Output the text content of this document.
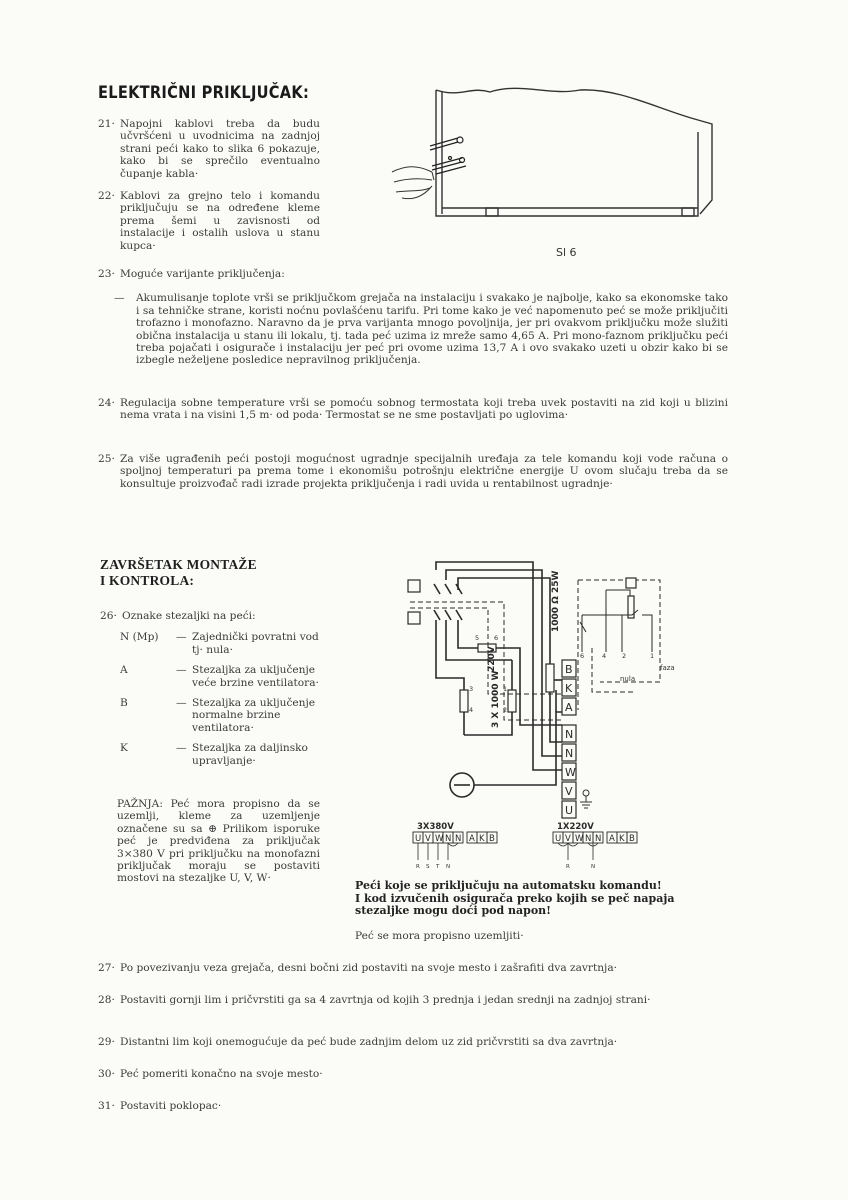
ELEKTRIČNI PRIKLJUČAK:
21· Napojni kablovi treba da budu učvršćeni u uvodnicima na zadnjoj strani peći kako to slika 6 pokazuje, kako bi se sprečilo eventualno čupanje kabla·
22· Kablovi za grejno telo i komandu priključuju se na određene kleme prema šemi u zavisnosti od instalacije i ostalih uslova u stanu kupca·
Sl 6
23· Moguće varijante priključenja:
—	Akumulisanje toplote vrši se priključkom grejača na instalaciju i svakako je najbolje, kako sa ekonomske tako i sa tehničke strane, koristi noćnu povlašćenu tarifu. Pri tome kako je već napomenuto peć se može priključiti trofazno i monofazno. Naravno da je prva varijanta mnogo povoljnija, jer pri ovakvom priključku može služiti obična instalacija u stanu ili lokalu, tj. tada peć uzima iz mreže samo 4,65 A. Pri mono-faznom priključku peći treba pojačati i osigurače i instalaciju jer peć pri ovome uzima 13,7 A i ovo svakako uzeti u obzir kako bi se izbegle neželjene posledice nepravilnog priključenja.
24· Regulacija sobne temperature vrši se pomoću sobnog termostata koji treba uvek postaviti na zid koji u blizini nema vrata i na visini 1,5 m· od poda· Termostat se ne sme postavljati po uglovima·
25· Za više ugrađenih peći postoji mogućnost ugradnje specijalnih uređaja za tele komandu koji vode računa o spoljnoj temperaturi pa prema tome i ekonomišu potrošnju električne energije U ovom slučaju treba da se konsultuje proizvođač radi izrade projekta priključenja i radi uvida u rentabilnost ugradnje·
ZAVRŠETAK MONTAŽE
I KONTROLA:
26· Oznake stezaljki na peći:
N (Mp)	— Zajednički povratni vod tj· nula·
A	— Stezaljka za uključenje veće brzine ventilatora·
B	— Stezaljka za uključenje normalne brzine ventilatora·
K	— Stezaljka za daljinsko upravljanje·
PAŽNJA: Peć mora propisno da se uzemlji, kleme za uzemljenje označene su sa ⊕ Prilikom isporuke peć je predviđena za priključak 3×380 V pri priključku na monofazni priključak moraju se postaviti mostovi na stezaljke U, V, W·
6	4 2	1
faza
nula
5 6
3
4
1
2
1000 Ω 25W
3 X 1000 W
220V	B
K
A
N
N
W
V
U
3X380V
U V W N N A K B
R S T N
1X220V
U V W N N A K B
R	N
Peći koje se priključuju na automatsku komandu!
I kod izvučenih osigurača preko kojih se peč napaja
stezaljke mogu doći pod napon!
Peć se mora propisno uzemljiti·
27· Po povezivanju veza grejača, desni bočni zid postaviti na svoje mesto i zašrafiti dva zavrtnja·
28· Postaviti gornji lim i pričvrstiti ga sa 4 zavrtnja od kojih 3 prednja i jedan srednji na zadnjoj strani·
29· Distantni lim koji onemogućuje da peć bude zadnjim delom uz zid pričvrstiti sa dva zavrtnja·
30· Peć pomeriti konačno na svoje mesto·
31· Postaviti poklopac·
